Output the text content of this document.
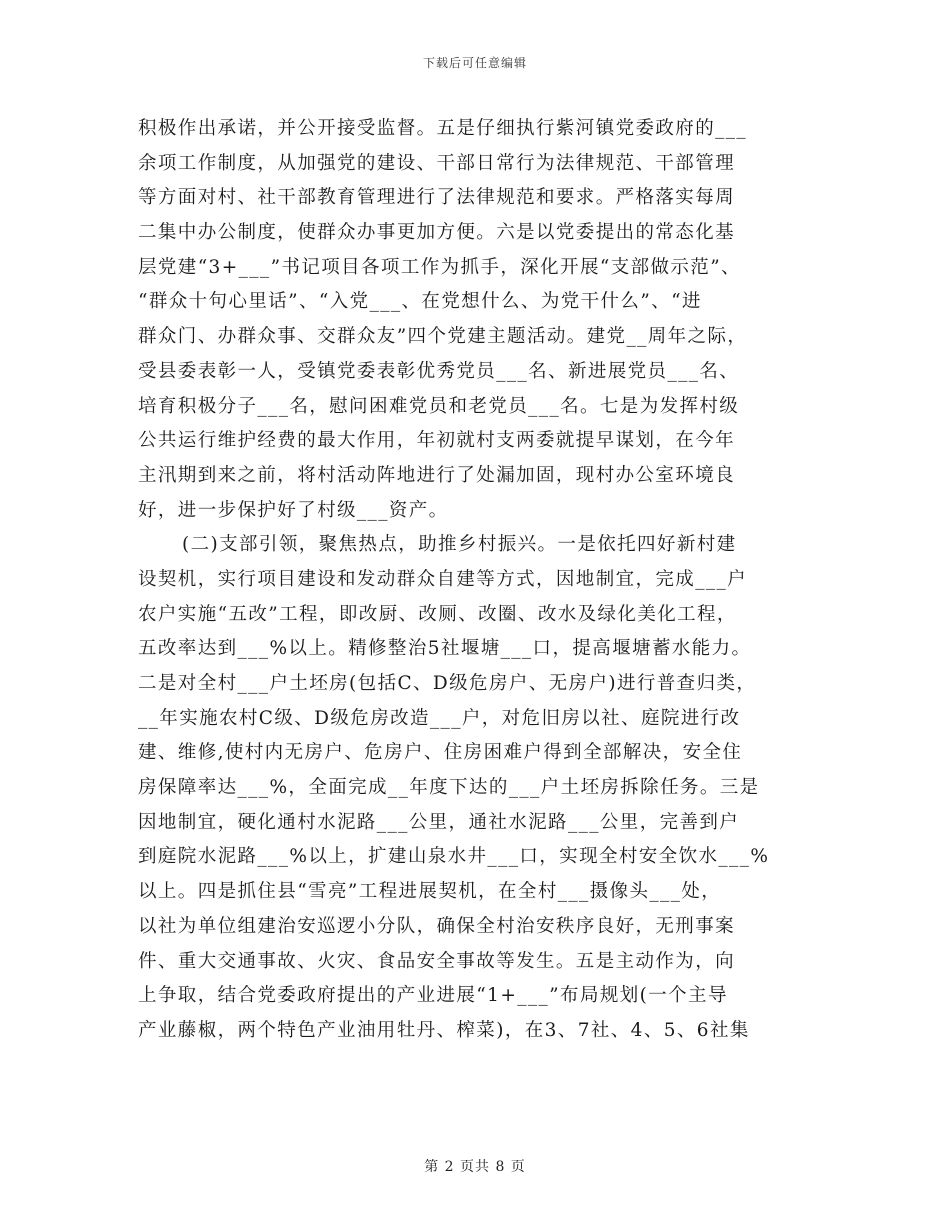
下载后可任意编辑
积极作出承诺，并公开接受监督。五是仔细执行紫河镇党委政府的___
余项工作制度，从加强党的建设、干部日常行为法律规范、干部管理
等方面对村、社干部教育管理进行了法律规范和要求。严格落实每周
二集中办公制度，使群众办事更加方便。六是以党委提出的常态化基
层党建“3+___”书记项目各项工作为抓手，深化开展“支部做示范”、
“群众十句心里话”、“入党___、在党想什么、为党干什么”、“进
群众门、办群众事、交群众友”四个党建主题活动。建党__周年之际，
受县委表彰一人，受镇党委表彰优秀党员___名、新进展党员___名、
培育积极分子___名，慰问困难党员和老党员___名。七是为发挥村级
公共运行维护经费的最大作用，年初就村支两委就提早谋划，在今年
主汛期到来之前，将村活动阵地进行了处漏加固，现村办公室环境良
好，进一步保护好了村级___资产。
(二)支部引领，聚焦热点，助推乡村振兴。一是依托四好新村建
设契机，实行项目建设和发动群众自建等方式，因地制宜，完成___户
农户实施“五改”工程，即改厨、改厕、改圈、改水及绿化美化工程，
五改率达到___%以上。精修整治5社堰塘___口，提高堰塘蓄水能力。
二是对全村___户土坯房(包括C、D级危房户、无房户)进行普查归类，
__年实施农村C级、D级危房改造___户，对危旧房以社、庭院进行改
建、维修,使村内无房户、危房户、住房困难户得到全部解决，安全住
房保障率达___%，全面完成__年度下达的___户土坯房拆除任务。三是
因地制宜，硬化通村水泥路___公里，通社水泥路___公里，完善到户
到庭院水泥路___%以上，扩建山泉水井___口，实现全村安全饮水___%
以上。四是抓住县“雪亮”工程进展契机，在全村___摄像头___处，
以社为单位组建治安巡逻小分队，确保全村治安秩序良好，无刑事案
件、重大交通事故、火灾、食品安全事故等发生。五是主动作为，向
上争取，结合党委政府提出的产业进展“1+___”布局规划(一个主导
产业藤椒，两个特色产业油用牡丹、榨菜)，在3、7社、4、5、6社集
第 2 页共 8 页
